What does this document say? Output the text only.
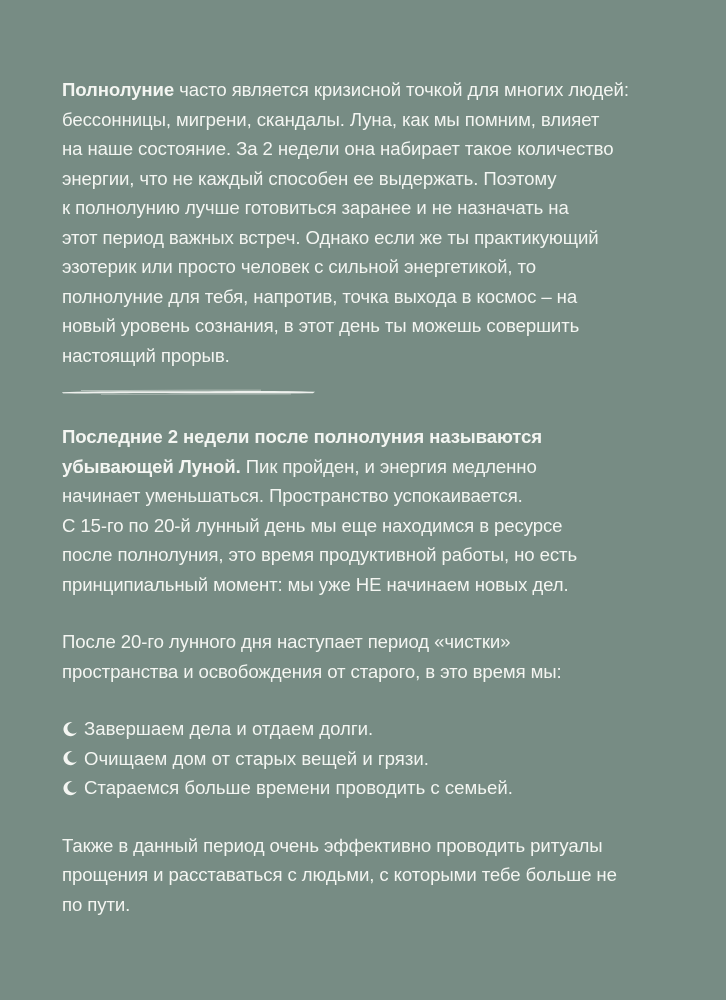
Полнолуние часто является кризисной точкой для многих людей:
бессонницы, мигрени, скандалы. Луна, как мы помним, влияет
на наше состояние. За 2 недели она набирает такое количество
энергии, что не каждый способен ее выдержать. Поэтому
к полнолунию лучше готовиться заранее и не назначать на
этот период важных встреч. Однако если же ты практикующий
эзотерик или просто человек с сильной энергетикой, то
полнолуние для тебя, напротив, точка выхода в космос – на
новый уровень сознания, в этот день ты можешь совершить
настоящий прорыв.

Последние 2 недели после полнолуния называются
убывающей Луной. Пик пройден, и энергия медленно
начинает уменьшаться. Пространство успокаивается.
С 15-го по 20-й лунный день мы еще находимся в ресурсе
после полнолуния, это время продуктивной работы, но есть
принципиальный момент: мы уже НЕ начинаем новых дел.

После 20-го лунного дня наступает период «чистки»
пространства и освобождения от старого, в это время мы:

Завершаем дела и отдаем долги.
Очищаем дом от старых вещей и грязи.
Стараемся больше времени проводить с семьей.

Также в данный период очень эффективно проводить ритуалы
прощения и расставаться с людьми, с которыми тебе больше не
по пути.
